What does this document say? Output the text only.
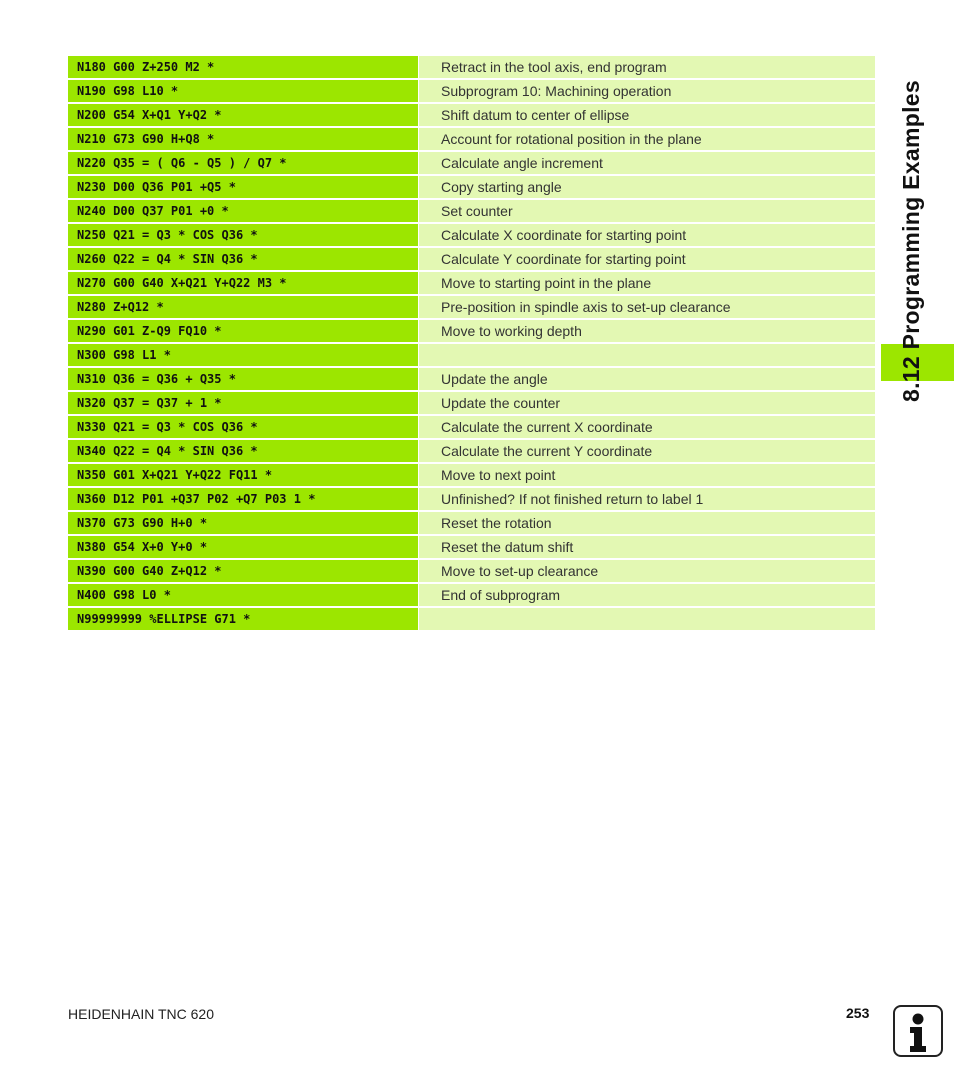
N180 G00 Z+250 M2 *	Retract in the tool axis, end program
N190 G98 L10 *	Subprogram 10: Machining operation
N200 G54 X+Q1 Y+Q2 *	Shift datum to center of ellipse
N210 G73 G90 H+Q8 *	Account for rotational position in the plane
N220 Q35 = ( Q6 - Q5 ) / Q7 *	Calculate angle increment
N230 D00 Q36 P01 +Q5 *	Copy starting angle
N240 D00 Q37 P01 +0 *	Set counter
N250 Q21 = Q3 * COS Q36 *	Calculate X coordinate for starting point
N260 Q22 = Q4 * SIN Q36 *	Calculate Y coordinate for starting point
N270 G00 G40 X+Q21 Y+Q22 M3 *	Move to starting point in the plane
N280 Z+Q12 *	Pre-position in spindle axis to set-up clearance
N290 G01 Z-Q9 FQ10 *	Move to working depth
N300 G98 L1 *	
N310 Q36 = Q36 + Q35 *	Update the angle
N320 Q37 = Q37 + 1 *	Update the counter
N330 Q21 = Q3 * COS Q36 *	Calculate the current X coordinate
N340 Q22 = Q4 * SIN Q36 *	Calculate the current Y coordinate
N350 G01 X+Q21 Y+Q22 FQ11 *	Move to next point
N360 D12 P01 +Q37 P02 +Q7 P03 1 *	Unfinished? If not finished return to label 1
N370 G73 G90 H+0 *	Reset the rotation
N380 G54 X+0 Y+0 *	Reset the datum shift
N390 G00 G40 Z+Q12 *	Move to set-up clearance
N400 G98 L0 *	End of subprogram
N99999999 %ELLIPSE G71 *	
8.12 Programming Examples
HEIDENHAIN TNC 620	253
